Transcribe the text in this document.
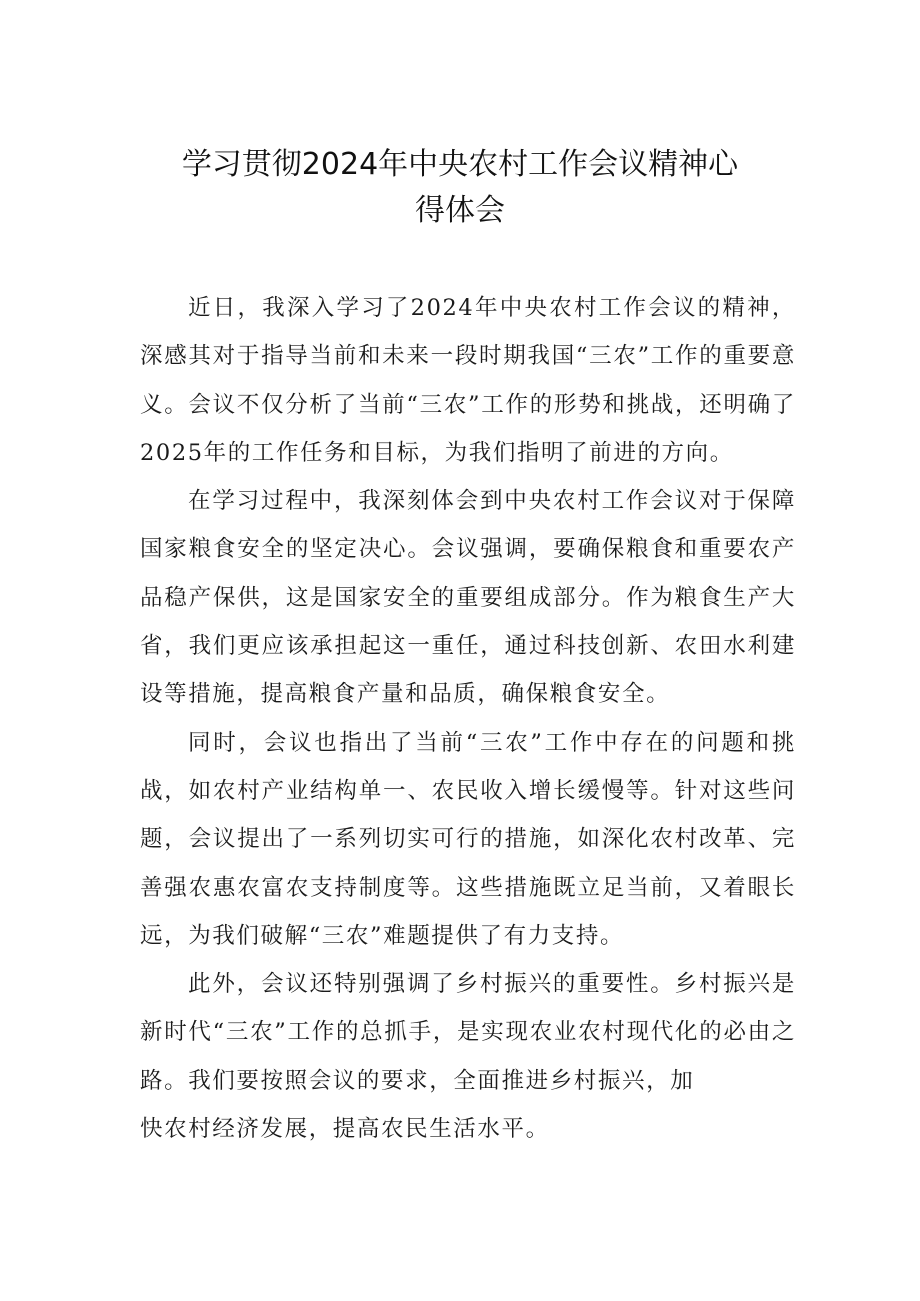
学习贯彻2024年中央农村工作会议精神心
得体会

近日，我深入学习了2024年中央农村工作会议的精神，深感其对于指导当前和未来一段时期我国“三农”工作的重要意义。会议不仅分析了当前“三农”工作的形势和挑战，还明确了2025年的工作任务和目标，为我们指明了前进的方向。

在学习过程中，我深刻体会到中央农村工作会议对于保障国家粮食安全的坚定决心。会议强调，要确保粮食和重要农产品稳产保供，这是国家安全的重要组成部分。作为粮食生产大省，我们更应该承担起这一重任，通过科技创新、农田水利建设等措施，提高粮食产量和品质，确保粮食安全。

同时，会议也指出了当前“三农”工作中存在的问题和挑战，如农村产业结构单一、农民收入增长缓慢等。针对这些问题，会议提出了一系列切实可行的措施，如深化农村改革、完善强农惠农富农支持制度等。这些措施既立足当前，又着眼长远，为我们破解“三农”难题提供了有力支持。

此外，会议还特别强调了乡村振兴的重要性。乡村振兴是新时代“三农”工作的总抓手，是实现农业农村现代化的必由之路。我们要按照会议的要求，全面推进乡村振兴，加
快农村经济发展，提高农民生活水平。
